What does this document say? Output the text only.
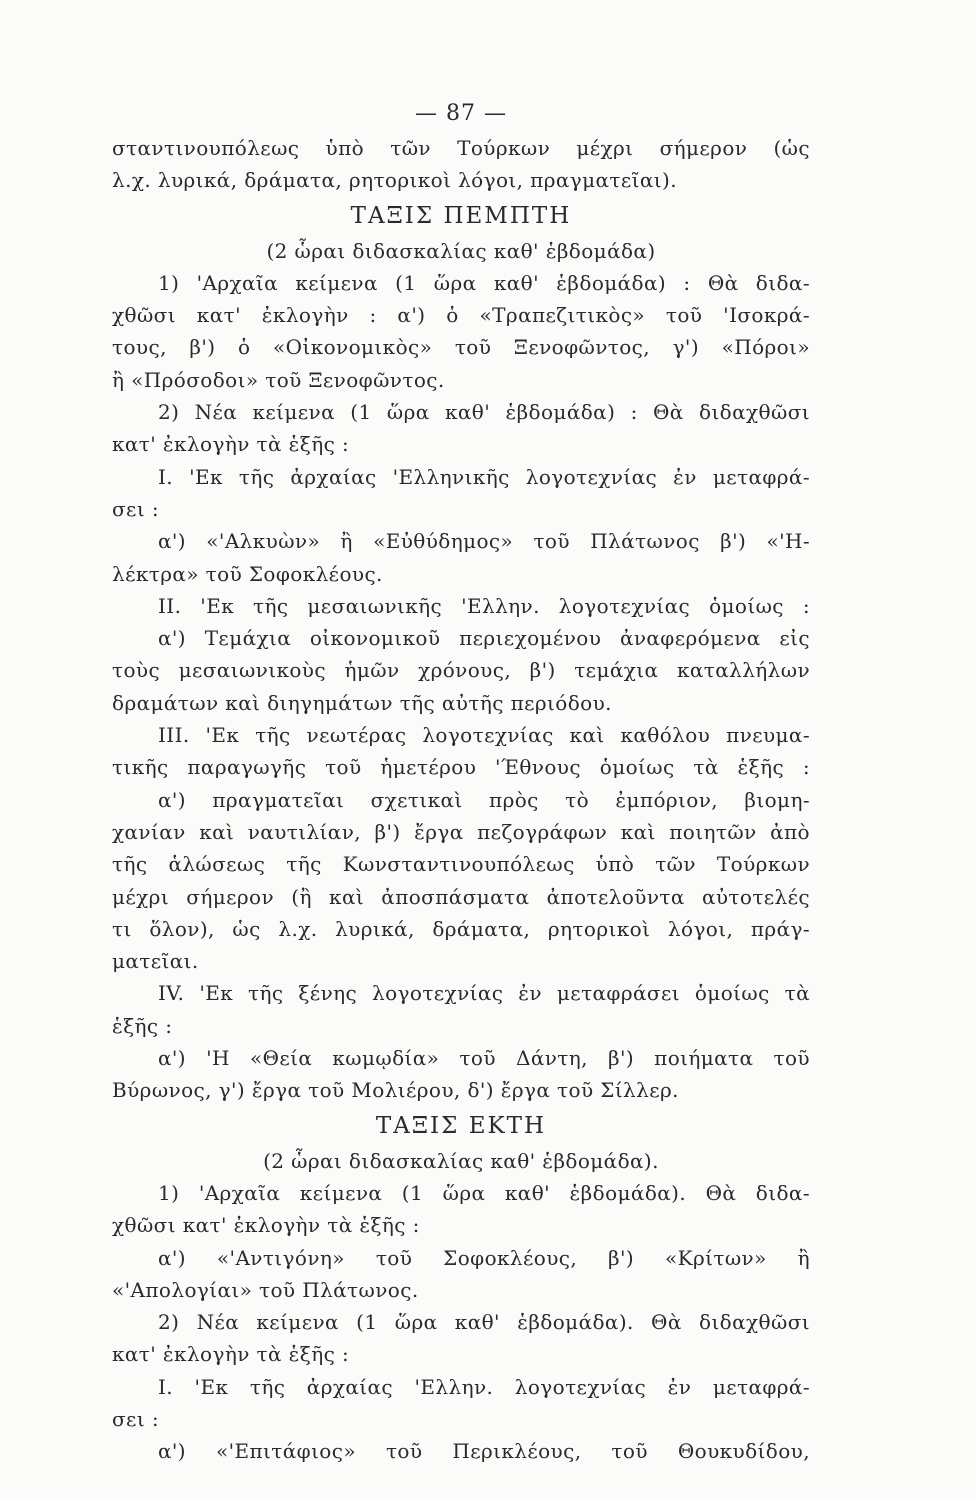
— 87 —
σταντινουπόλεως ὑπὸ τῶν Τούρκων μέχρι σήμερον (ὡς
λ.χ. λυρικά, δράματα, ρητορικοὶ λόγοι, πραγματεῖαι).
ΤΑΞΙΣ ΠΕΜΠΤΗ
(2 ὧραι διδασκαλίας καθ' ἑβδομάδα)
1) 'Αρχαῖα κείμενα (1 ὥρα καθ' ἑβδομάδα) : Θὰ διδα-
χθῶσι κατ' ἐκλογὴν : α') ὁ «Τραπεζιτικὸς» τοῦ 'Ισοκρά-
τους, β') ὁ «Οἰκονομικὸς» τοῦ Ξενοφῶντος, γ') «Πόροι»
ἢ «Πρόσοδοι» τοῦ Ξενοφῶντος.
2) Νέα κείμενα (1 ὥρα καθ' ἑβδομάδα) : Θὰ διδαχθῶσι
κατ' ἐκλογὴν τὰ ἑξῆς :
I. 'Εκ τῆς ἀρχαίας 'Ελληνικῆς λογοτεχνίας ἐν μεταφρά-
σει :
α') «'Αλκυὼν» ἢ «Εὐθύδημος» τοῦ Πλάτωνος β') «'Η-
λέκτρα» τοῦ Σοφοκλέους.
II. 'Εκ τῆς μεσαιωνικῆς 'Ελλην. λογοτεχνίας ὁμοίως :
α') Τεμάχια οἰκονομικοῦ περιεχομένου ἀναφερόμενα εἰς
τοὺς μεσαιωνικοὺς ἡμῶν χρόνους, β') τεμάχια καταλλήλων
δραμάτων καὶ διηγημάτων τῆς αὐτῆς περιόδου.
III. 'Εκ τῆς νεωτέρας λογοτεχνίας καὶ καθόλου πνευμα-
τικῆς παραγωγῆς τοῦ ἡμετέρου 'Έθνους ὁμοίως τὰ ἑξῆς :
α') πραγματεῖαι σχετικαὶ πρὸς τὸ ἐμπόριον, βιομη-
χανίαν καὶ ναυτιλίαν, β') ἔργα πεζογράφων καὶ ποιητῶν ἀπὸ
τῆς ἁλώσεως τῆς Κωνσταντινουπόλεως ὑπὸ τῶν Τούρκων
μέχρι σήμερον (ἢ καὶ ἀποσπάσματα ἀποτελοῦντα αὐτοτελές
τι ὅλον), ὡς λ.χ. λυρικά, δράματα, ρητορικοὶ λόγοι, πράγ-
ματεῖαι.
IV. 'Εκ τῆς ξένης λογοτεχνίας ἐν μεταφράσει ὁμοίως τὰ
ἑξῆς :
α') 'Η «Θεία κωμῳδία» τοῦ Δάντη, β') ποιήματα τοῦ
Βύρωνος, γ') ἔργα τοῦ Μολιέρου, δ') ἔργα τοῦ Σίλλερ.
ΤΑΞΙΣ ΕΚΤΗ
(2 ὧραι διδασκαλίας καθ' ἑβδομάδα).
1) 'Αρχαῖα κείμενα (1 ὥρα καθ' ἑβδομάδα). Θὰ διδα-
χθῶσι κατ' ἐκλογὴν τὰ ἑξῆς :
α') «'Αντιγόνη» τοῦ Σοφοκλέους, β') «Κρίτων» ἢ
«'Απολογίαι» τοῦ Πλάτωνος.
2) Νέα κείμενα (1 ὥρα καθ' ἑβδομάδα). Θὰ διδαχθῶσι
κατ' ἐκλογὴν τὰ ἑξῆς :
I. 'Εκ τῆς ἀρχαίας 'Ελλην. λογοτεχνίας ἐν μεταφρά-
σει :
α') «'Επιτάφιος» τοῦ Περικλέους, τοῦ Θουκυδίδου,
